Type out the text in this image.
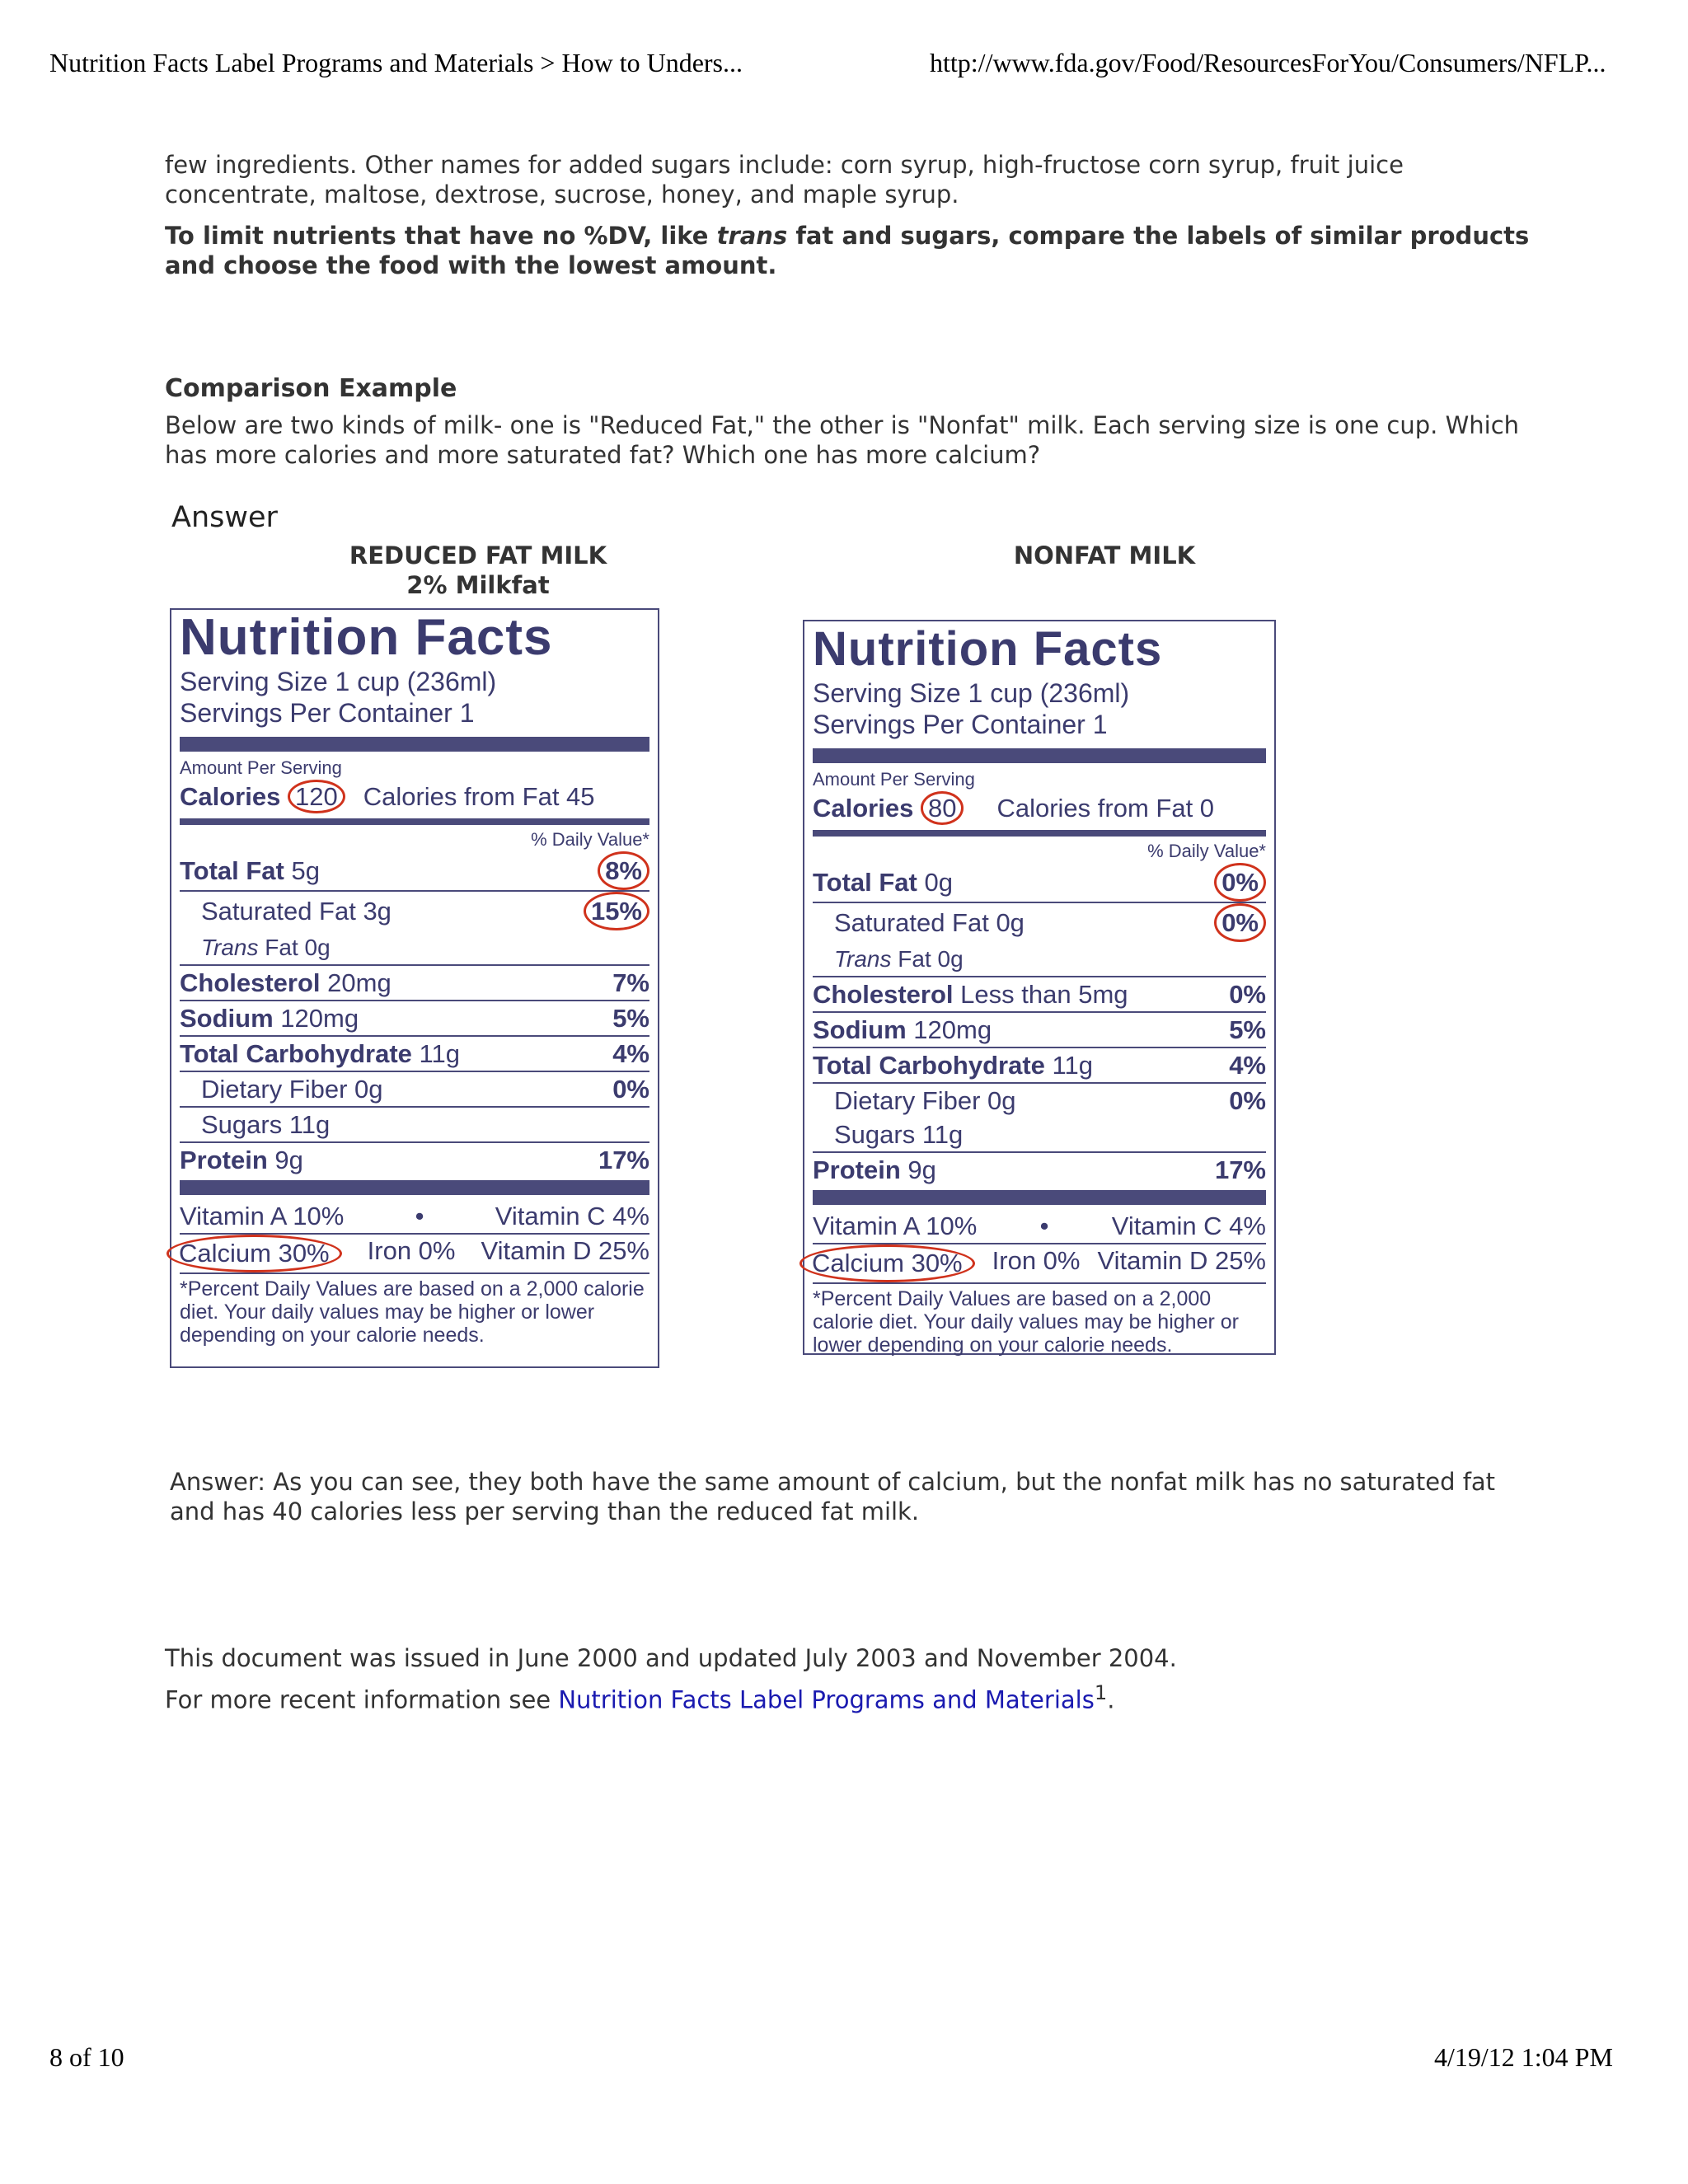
Nutrition Facts Label Programs and Materials > How to Unders...	http://www.fda.gov/Food/ResourcesForYou/Consumers/NFLP...

few ingredients. Other names for added sugars include: corn syrup, high-fructose corn syrup, fruit juice concentrate, maltose, dextrose, sucrose, honey, and maple syrup.

To limit nutrients that have no %DV, like trans fat and sugars, compare the labels of similar products and choose the food with the lowest amount.

Comparison Example

Below are two kinds of milk- one is "Reduced Fat," the other is "Nonfat" milk. Each serving size is one cup. Which has more calories and more saturated fat? Which one has more calcium?

Answer
REDUCED FAT MILK
2% Milkfat
NONFAT MILK
Nutrition Facts
Serving Size 1 cup (236ml)
Servings Per Container 1
Amount Per Serving
Calories 120 Calories from Fat 45
% Daily Value*
Total Fat 5g	8%
Saturated Fat 3g	15%
Trans Fat 0g
Cholesterol 20mg	7%
Sodium 120mg	5%
Total Carbohydrate 11g	4%
Dietary Fiber 0g	0%
Sugars 11g
Protein 9g	17%
Vitamin A 10%	•	Vitamin C 4%
Calcium 30%	Iron 0% Vitamin D 25%
*Percent Daily Values are based on a 2,000 calorie diet. Your daily values may be higher or lower depending on your calorie needs.
Nutrition Facts
Serving Size 1 cup (236ml)
Servings Per Container 1
Amount Per Serving
Calories 80 Calories from Fat 0
% Daily Value*
Total Fat 0g	0%
Saturated Fat 0g	0%
Trans Fat 0g
Cholesterol Less than 5mg	0%
Sodium 120mg	5%
Total Carbohydrate 11g	4%
Dietary Fiber 0g	0%
Sugars 11g
Protein 9g	17%
Vitamin A 10% • Vitamin C 4%
Calcium 30%	Iron 0% Vitamin D 25%
*Percent Daily Values are based on a 2,000 calorie diet. Your daily values may be higher or lower depending on your calorie needs.

Answer: As you can see, they both have the same amount of calcium, but the nonfat milk has no saturated fat and has 40 calories less per serving than the reduced fat milk.

This document was issued in June 2000 and updated July 2003 and November 2004.

For more recent information see Nutrition Facts Label Programs and Materials$^1$.

8 of 10	4/19/12 1:04 PM
